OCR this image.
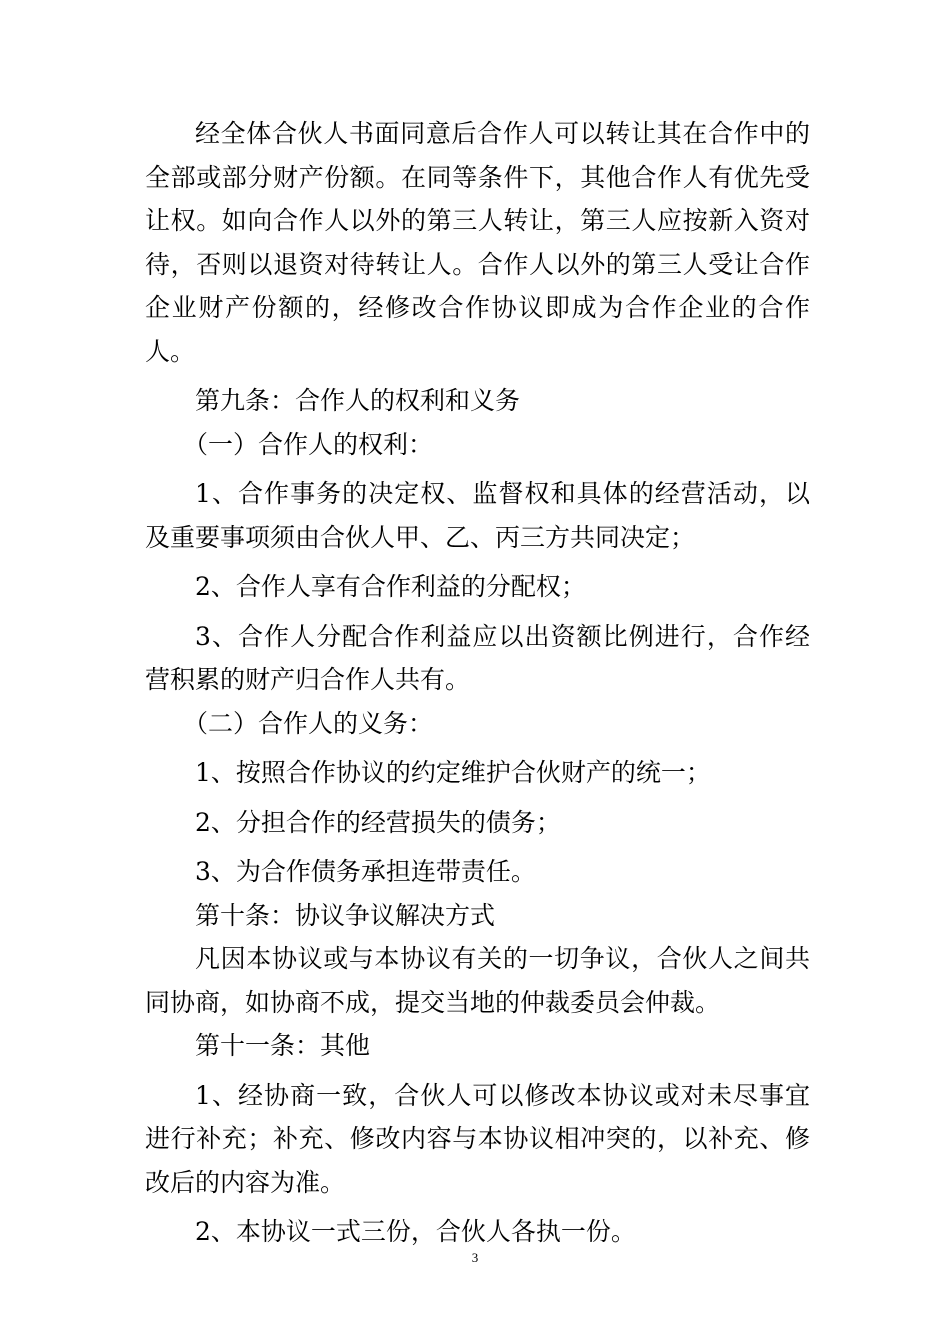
经全体合伙人书面同意后合作人可以转让其在合作中的全部或部分财产份额。在同等条件下，其他合作人有优先受让权。如向合作人以外的第三人转让，第三人应按新入资对待，否则以退资对待转让人。合作人以外的第三人受让合作企业财产份额的，经修改合作协议即成为合作企业的合作人。

第九条：合作人的权利和义务

（一）合作人的权利：

1、合作事务的决定权、监督权和具体的经营活动，以及重要事项须由合伙人甲、乙、丙三方共同决定；

2、合作人享有合作利益的分配权；

3、合作人分配合作利益应以出资额比例进行，合作经营积累的财产归合作人共有。

（二）合作人的义务：

1、按照合作协议的约定维护合伙财产的统一；

2、分担合作的经营损失的债务；

3、为合作债务承担连带责任。

第十条：协议争议解决方式

凡因本协议或与本协议有关的一切争议，合伙人之间共同协商，如协商不成，提交当地的仲裁委员会仲裁。

第十一条：其他

1、经协商一致，合伙人可以修改本协议或对未尽事宜进行补充；补充、修改内容与本协议相冲突的，以补充、修改后的内容为准。

2、本协议一式三份，合伙人各执一份。

3
